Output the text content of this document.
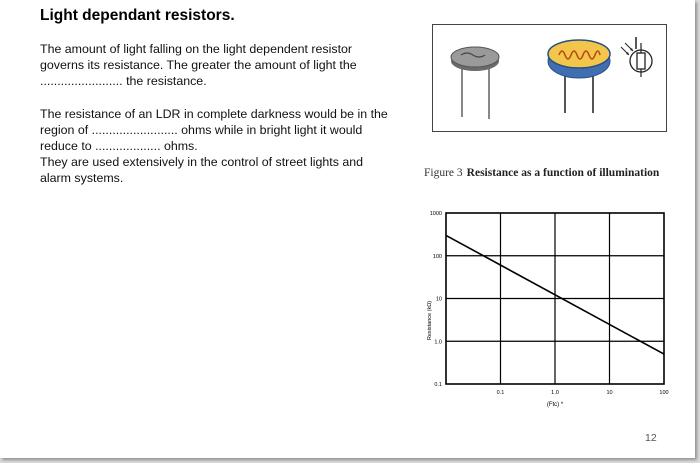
Light dependant resistors.
The amount of light falling on the light dependent resistor
governs its resistance. The greater the amount of light the
........................ the resistance.
The resistance of an LDR in complete darkness would be in the
region of ......................... ohms while in bright light it would
reduce to ................... ohms.
They are used extensively in the control of street lights and
alarm systems.	Figure 3 Resistance as a function of illumination
0.1	1.0	10	100
1000
100
10
1.0
0.1
(Ftc) *
Resistance (kΩ)
12
